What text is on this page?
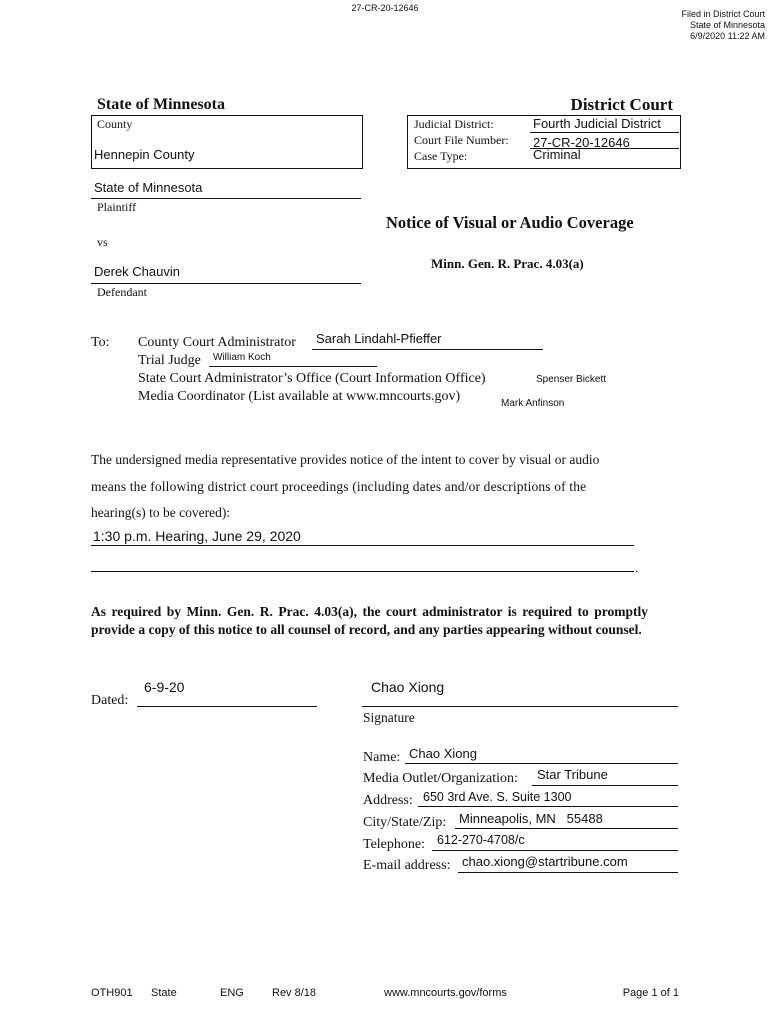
27-CR-20-12646
Filed in District Court
State of Minnesota
6/9/2020 11:22 AM
State of Minnesota	District Court
County
Hennepin County
Judicial District:	Fourth Judicial District
Court File Number: 27-CR-20-12646
Case Type:	Criminal
State of Minnesota
Plaintiff
vs
Derek Chauvin
Defendant
Notice of Visual or Audio Coverage
Minn. Gen. R. Prac. 4.03(a)
To: County Court Administrator Sarah Lindahl-Pfieffer
Trial Judge William Koch
State Court Administrator’s Office (Court Information Office)	Spenser Bickett
Media Coordinator (List available at www.mncourts.gov)	Mark Anfinson
The undersigned media representative provides notice of the intent to cover by visual or audio
means the following district court proceedings (including dates and/or descriptions of the
hearing(s) to be covered):
1:30 p.m. Hearing, June 29, 2020
.
As required by Minn. Gen. R. Prac. 4.03(a), the court administrator is required to promptly provide a copy of this notice to all counsel of record, and any parties appearing without counsel.
Dated:
6-9-20	Chao Xiong
Signature
Name: Chao Xiong
Media Outlet/Organization: Star Tribune
Address: 650 3rd Ave. S. Suite 1300
City/State/Zip: Minneapolis, MN   55488
Telephone: 612-270-4708/c
E-mail address: chao.xiong@startribune.com
OTH901 State	ENG	Rev 8/18	www.mncourts.gov/forms	Page 1 of 1
